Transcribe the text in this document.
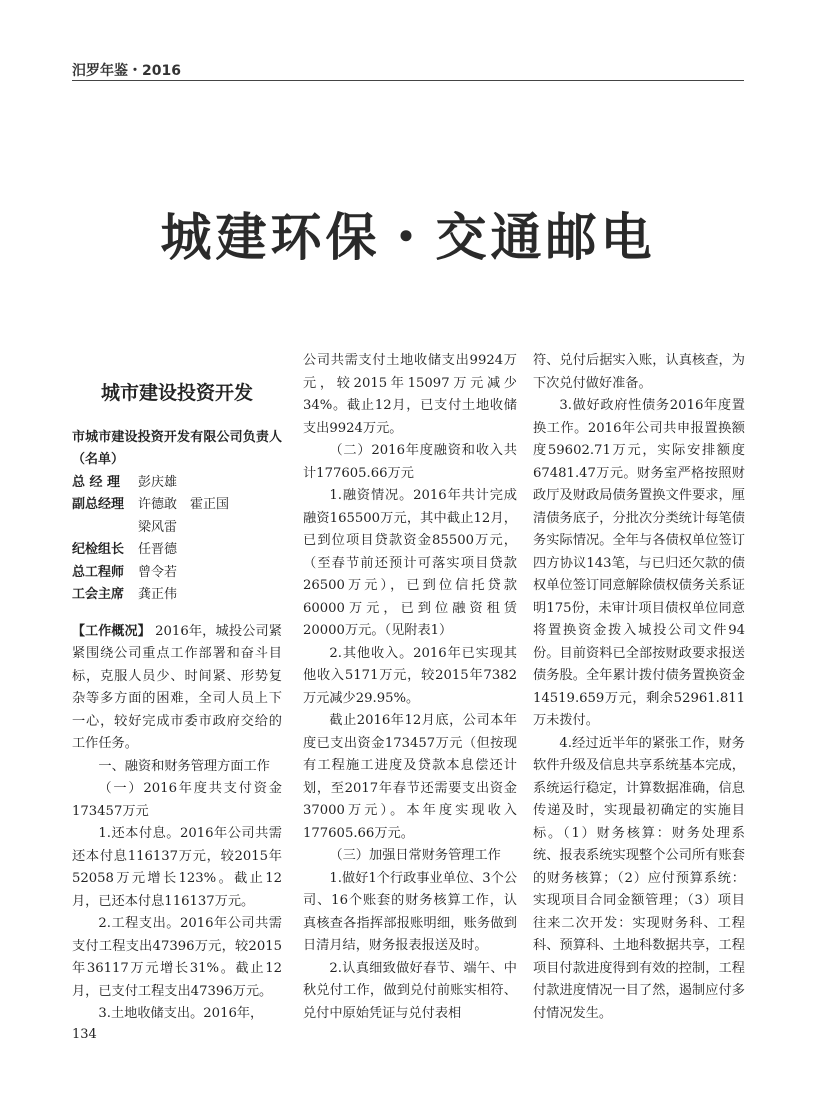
汨罗年鉴・2016
城建环保・交通邮电

城市建设投资开发

市城市建设投资开发有限公司负责人（名单）

总 经 理	彭庆雄
副总经理	许德敢　霍正国
梁风雷
纪检组长	任晋德
总工程师	曾令若
工会主席	龚正伟

【工作概况】 2016年，城投公司紧紧围绕公司重点工作部署和奋斗目标，克服人员少、时间紧、形势复杂等多方面的困难，全司人员上下一心，较好完成市委市政府交给的工作任务。

一、融资和财务管理方面工作

（一）2016年度共支付资金173457万元

1.还本付息。2016年公司共需还本付息116137万元，较2015年52058万元增长123%。截止12月，已还本付息116137万元。

2.工程支出。2016年公司共需支付工程支出47396万元，较2015年36117万元增长31%。截止12月，已支付工程支出47396万元。

3.土地收储支出。2016年，

公司共需支付土地收储支出9924万元，较2015年15097万元减少34%。截止12月，已支付土地收储支出9924万元。

（二）2016年度融资和收入共计177605.66万元

1.融资情况。2016年共计完成融资165500万元，其中截止12月，已到位项目贷款资金85500万元，（至春节前还预计可落实项目贷款26500万元），已到位信托贷款60000万元，已到位融资租赁20000万元。（见附表1）

2.其他收入。2016年已实现其他收入5171万元，较2015年7382万元减少29.95%。

截止2016年12月底，公司本年度已支出资金173457万元（但按现有工程施工进度及贷款本息偿还计划，至2017年春节还需要支出资金37000万元）。本年度实现收入177605.66万元。

（三）加强日常财务管理工作

1.做好1个行政事业单位、3个公司、16个账套的财务核算工作，认真核查各指挥部报账明细，账务做到日清月结，财务报表报送及时。

2.认真细致做好春节、端午、中秋兑付工作，做到兑付前账实相符、兑付中原始凭证与兑付表相

符、兑付后据实入账，认真核查，为下次兑付做好准备。

3.做好政府性债务2016年度置换工作。2016年公司共申报置换额度59602.71万元，实际安排额度67481.47万元。财务室严格按照财政厅及财政局债务置换文件要求，厘清债务底子，分批次分类统计每笔债务实际情况。全年与各债权单位签订四方协议143笔，与已归还欠款的债权单位签订同意解除债权债务关系证明175份，未审计项目债权单位同意将置换资金拨入城投公司文件94份。目前资料已全部按财政要求报送债务股。全年累计拨付债务置换资金14519.659万元，剩余52961.811万未拨付。

4.经过近半年的紧张工作，财务软件升级及信息共享系统基本完成，系统运行稳定，计算数据准确，信息传递及时，实现最初确定的实施目标。（1）财务核算：财务处理系统、报表系统实现整个公司所有账套的财务核算；（2）应付预算系统：实现项目合同金额管理；（3）项目往来二次开发：实现财务科、工程科、预算科、土地科数据共享，工程项目付款进度得到有效的控制，工程付款进度情况一目了然，遏制应付多付情况发生。

134
